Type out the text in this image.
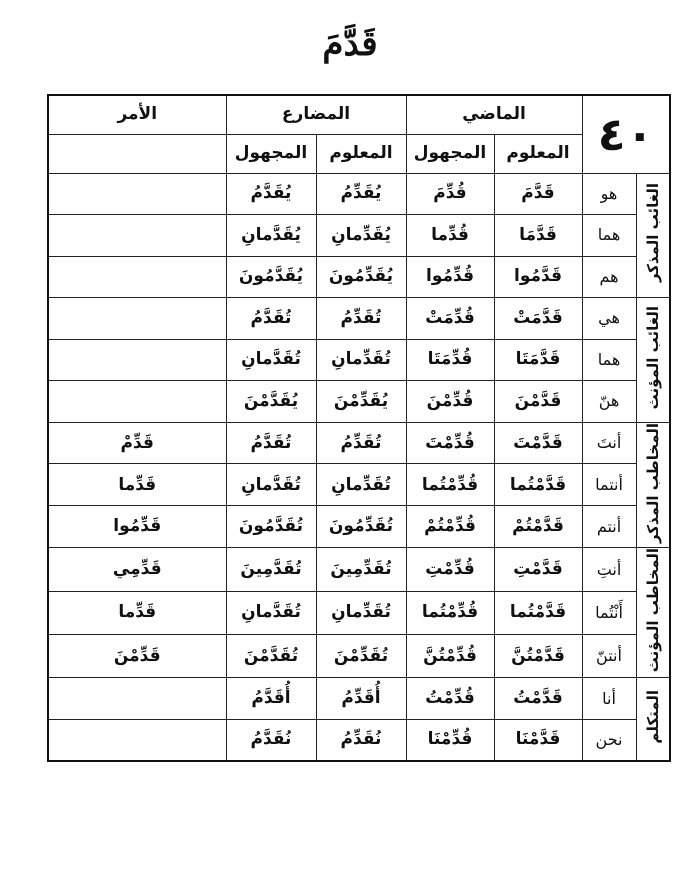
قَدَّمَ
٤٠		الماضي		المضارع		الأمر
		المعلوم	المجهول	المعلوم	المجهول	
الغائب المذكر	هو	قَدَّمَ	قُدِّمَ	يُقَدِّمُ	يُقَدَّمُ	
	هما	قَدَّمَا	قُدِّما	يُقَدِّمانِ	يُقَدَّمانِ	
	هم	قَدَّمُوا	قُدِّمُوا	يُقَدِّمُونَ	يُقَدَّمُونَ	
الغائب المؤنث	هي	قَدَّمَتْ	قُدِّمَتْ	تُقَدِّمُ	تُقَدَّمُ	
	هما	قَدَّمَتَا	قُدِّمَتَا	تُقَدِّمانِ	تُقَدَّمانِ	
	هنّ	قَدَّمْنَ	قُدِّمْنَ	يُقَدِّمْنَ	يُقَدَّمْنَ	
المخاطب المذكر	أنتَ	قَدَّمْتَ	قُدِّمْتَ	تُقَدِّمُ	تُقَدَّمُ	قَدِّمْ
	أنتما	قَدَّمْتُما	قُدِّمْتُما	تُقَدِّمانِ	تُقَدَّمانِ	قَدِّما
	أنتم	قَدَّمْتُمْ	قُدِّمْتُمْ	تُقَدِّمُونَ	تُقَدَّمُونَ	قَدِّمُوا
المخاطب المؤنث	أنتِ	قَدَّمْتِ	قُدِّمْتِ	تُقَدِّمِينَ	تُقَدَّمِينَ	قَدِّمِي
	أَنْتُما	قَدَّمْتُما	قُدِّمْتُما	تُقَدِّمانِ	تُقَدَّمانِ	قَدِّما
	أنتنّ	قَدَّمْتُنَّ	قُدِّمْتُنَّ	تُقَدِّمْنَ	تُقَدَّمْنَ	قَدِّمْنَ
المتكلم	أنا	قَدَّمْتُ	قُدِّمْتُ	أُقَدِّمُ	أُقَدَّمُ	
	نحن	قَدَّمْنَا	قُدِّمْنَا	نُقَدِّمُ	نُقَدَّمُ	
